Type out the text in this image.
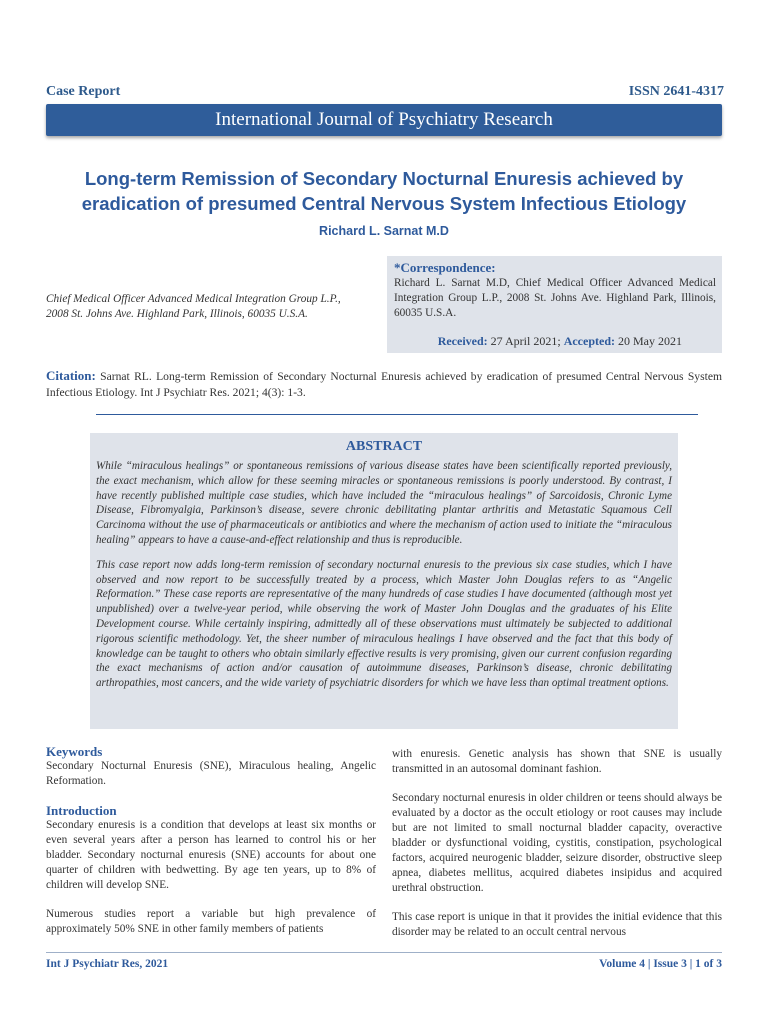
Case Report	ISSN 2641-4317
International Journal of Psychiatry Research
Long-term Remission of Secondary Nocturnal Enuresis achieved by
eradication of presumed Central Nervous System Infectious Etiology
Richard L. Sarnat M.D
Chief Medical Officer Advanced Medical Integration Group L.P.,
2008 St. Johns Ave. Highland Park, Illinois, 60035 U.S.A.
*Correspondence:
Richard L. Sarnat M.D, Chief Medical Officer Advanced Medical Integration Group L.P., 2008 St. Johns Ave. Highland Park, Illinois, 60035 U.S.A.
Received: 27 April 2021; Accepted: 20 May 2021
Citation: Sarnat RL. Long-term Remission of Secondary Nocturnal Enuresis achieved by eradication of presumed Central Nervous System Infectious Etiology. Int J Psychiatr Res. 2021; 4(3): 1-3.
ABSTRACT

While “miraculous healings” or spontaneous remissions of various disease states have been scientifically reported previously, the exact mechanism, which allow for these seeming miracles or spontaneous remissions is poorly understood. By contrast, I have recently published multiple case studies, which have included the “miraculous healings” of Sarcoidosis, Chronic Lyme Disease, Fibromyalgia, Parkinson’s disease, severe chronic debilitating plantar arthritis and Metastatic Squamous Cell Carcinoma without the use of pharmaceuticals or antibiotics and where the mechanism of action used to initiate the “miraculous healing” appears to have a cause-and-effect relationship and thus is reproducible.

This case report now adds long-term remission of secondary nocturnal enuresis to the previous six case studies, which I have observed and now report to be successfully treated by a process, which Master John Douglas refers to as “Angelic Reformation.” These case reports are representative of the many hundreds of case studies I have documented (although most yet unpublished) over a twelve-year period, while observing the work of Master John Douglas and the graduates of his Elite Development course. While certainly inspiring, admittedly all of these observations must ultimately be subjected to additional rigorous scientific methodology. Yet, the sheer number of miraculous healings I have observed and the fact that this body of knowledge can be taught to others who obtain similarly effective results is very promising, given our current confusion regarding the exact mechanisms of action and/or causation of autoimmune diseases, Parkinson’s disease, chronic debilitating arthropathies, most cancers, and the wide variety of psychiatric disorders for which we have less than optimal treatment options.

Keywords

Secondary Nocturnal Enuresis (SNE), Miraculous healing, Angelic Reformation.

Introduction

Secondary enuresis is a condition that develops at least six months or even several years after a person has learned to control his or her bladder. Secondary nocturnal enuresis (SNE) accounts for about one quarter of children with bedwetting. By age ten years, up to 8% of children will develop SNE.

Numerous studies report a variable but high prevalence of approximately 50% SNE in other family members of patients

with enuresis. Genetic analysis has shown that SNE is usually transmitted in an autosomal dominant fashion.

Secondary nocturnal enuresis in older children or teens should always be evaluated by a doctor as the occult etiology or root causes may include but are not limited to small nocturnal bladder capacity, overactive bladder or dysfunctional voiding, cystitis, constipation, psychological factors, acquired neurogenic bladder, seizure disorder, obstructive sleep apnea, diabetes mellitus, acquired diabetes insipidus and acquired urethral obstruction.

This case report is unique in that it provides the initial evidence that this disorder may be related to an occult central nervous

Int J Psychiatr Res, 2021	Volume 4 | Issue 3 | 1 of 3
